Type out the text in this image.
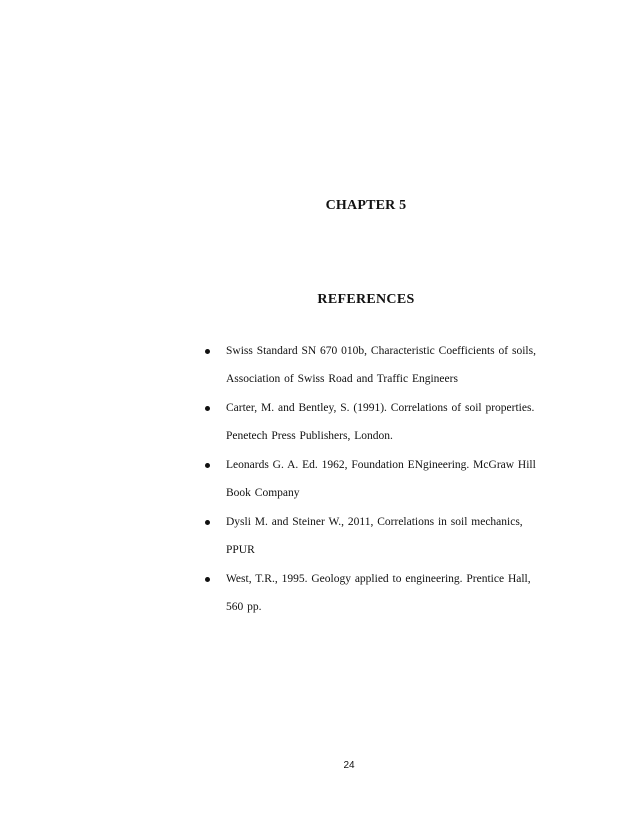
CHAPTER 5
REFERENCES
Swiss Standard SN 670 010b, Characteristic Coefficients of soils, Association of Swiss Road and Traffic Engineers
Carter, M. and Bentley, S. (1991). Correlations of soil properties. Penetech Press Publishers, London.
Leonards G. A. Ed. 1962, Foundation ENgineering. McGraw Hill Book Company
Dysli M. and Steiner W., 2011, Correlations in soil mechanics, PPUR
West, T.R., 1995. Geology applied to engineering. Prentice Hall, 560 pp.
24
